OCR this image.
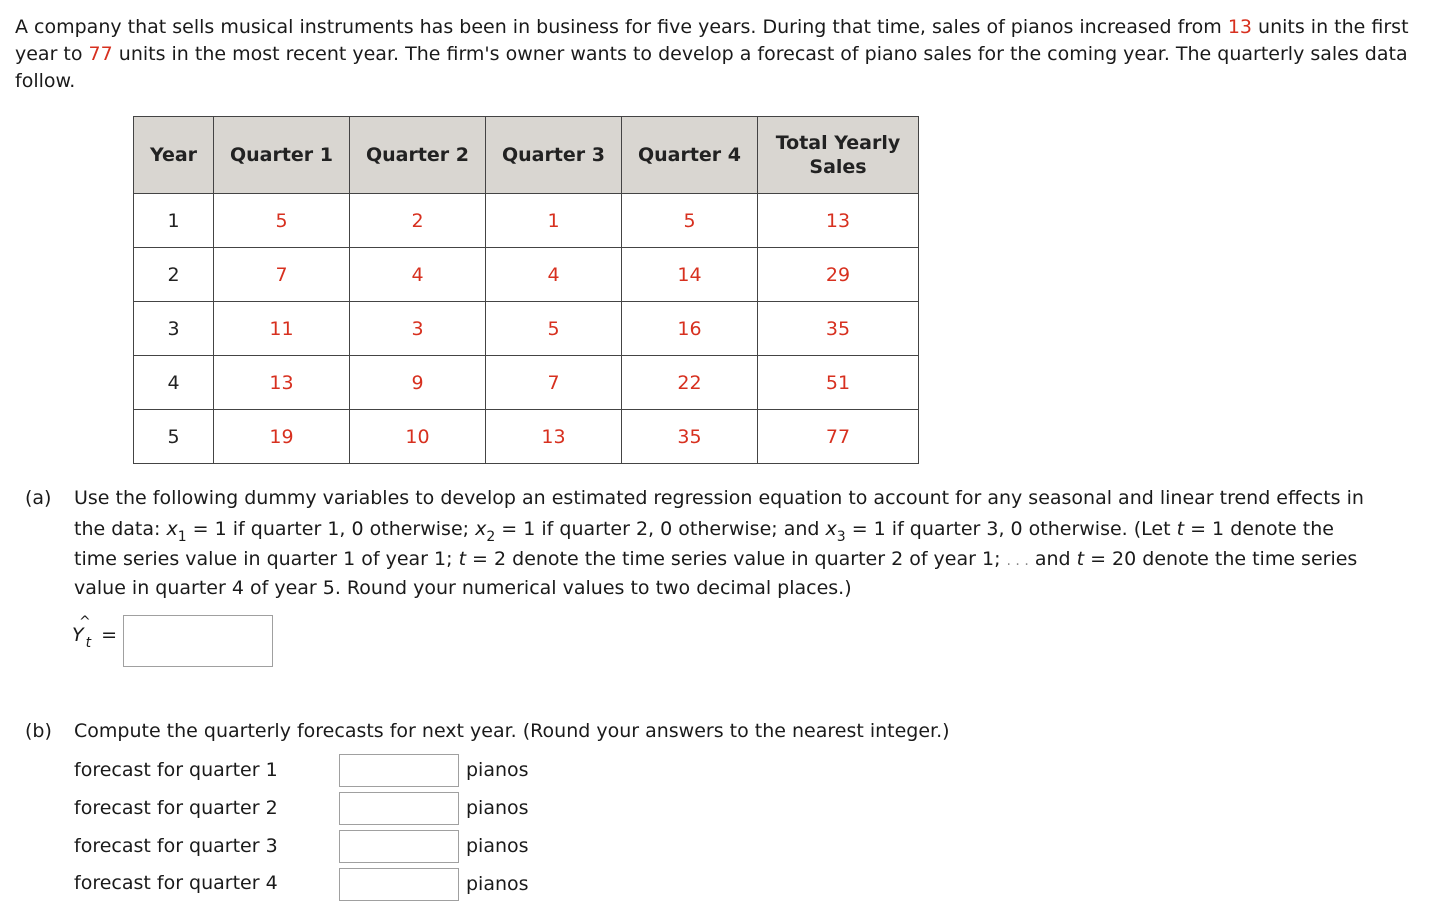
A company that sells musical instruments has been in business for five years. During that time, sales of pianos increased from 13 units in the first year to 77 units in the most recent year. The firm's owner wants to develop a forecast of piano sales for the coming year. The quarterly sales data follow.

Year	Quarter 1	Quarter 2	Quarter 3	Quarter 4	Total Yearly
Sales
1	5	2	1	5	13
2	7	4	4	14	29
3	11	3	5	16	35
4	13	9	7	22	51
5	19	10	13	35	77
(a) Use the following dummy variables to develop an estimated regression equation to account for any seasonal and linear trend effects in

the data: $x_1 = 1$ if quarter 1, 0 otherwise; $x_2 = 1$ if quarter 2, 0 otherwise; and $x_3 = 1$ if quarter 3, 0 otherwise. (Let t = 1 denote the
time series value in quarter 1 of year 1; t = 2 denote the time series value in quarter 2 of year 1; . . . and t = 20 denote the time series
value in quarter 4 of year 5. Round your numerical values to two decimal places.)
^
Y $_t$ =
(b) Compute the quarterly forecasts for next year. (Round your answers to the nearest integer.)
forecast for quarter 1	pianos
forecast for quarter 2	pianos
forecast for quarter 3	pianos
forecast for quarter 4	pianos
